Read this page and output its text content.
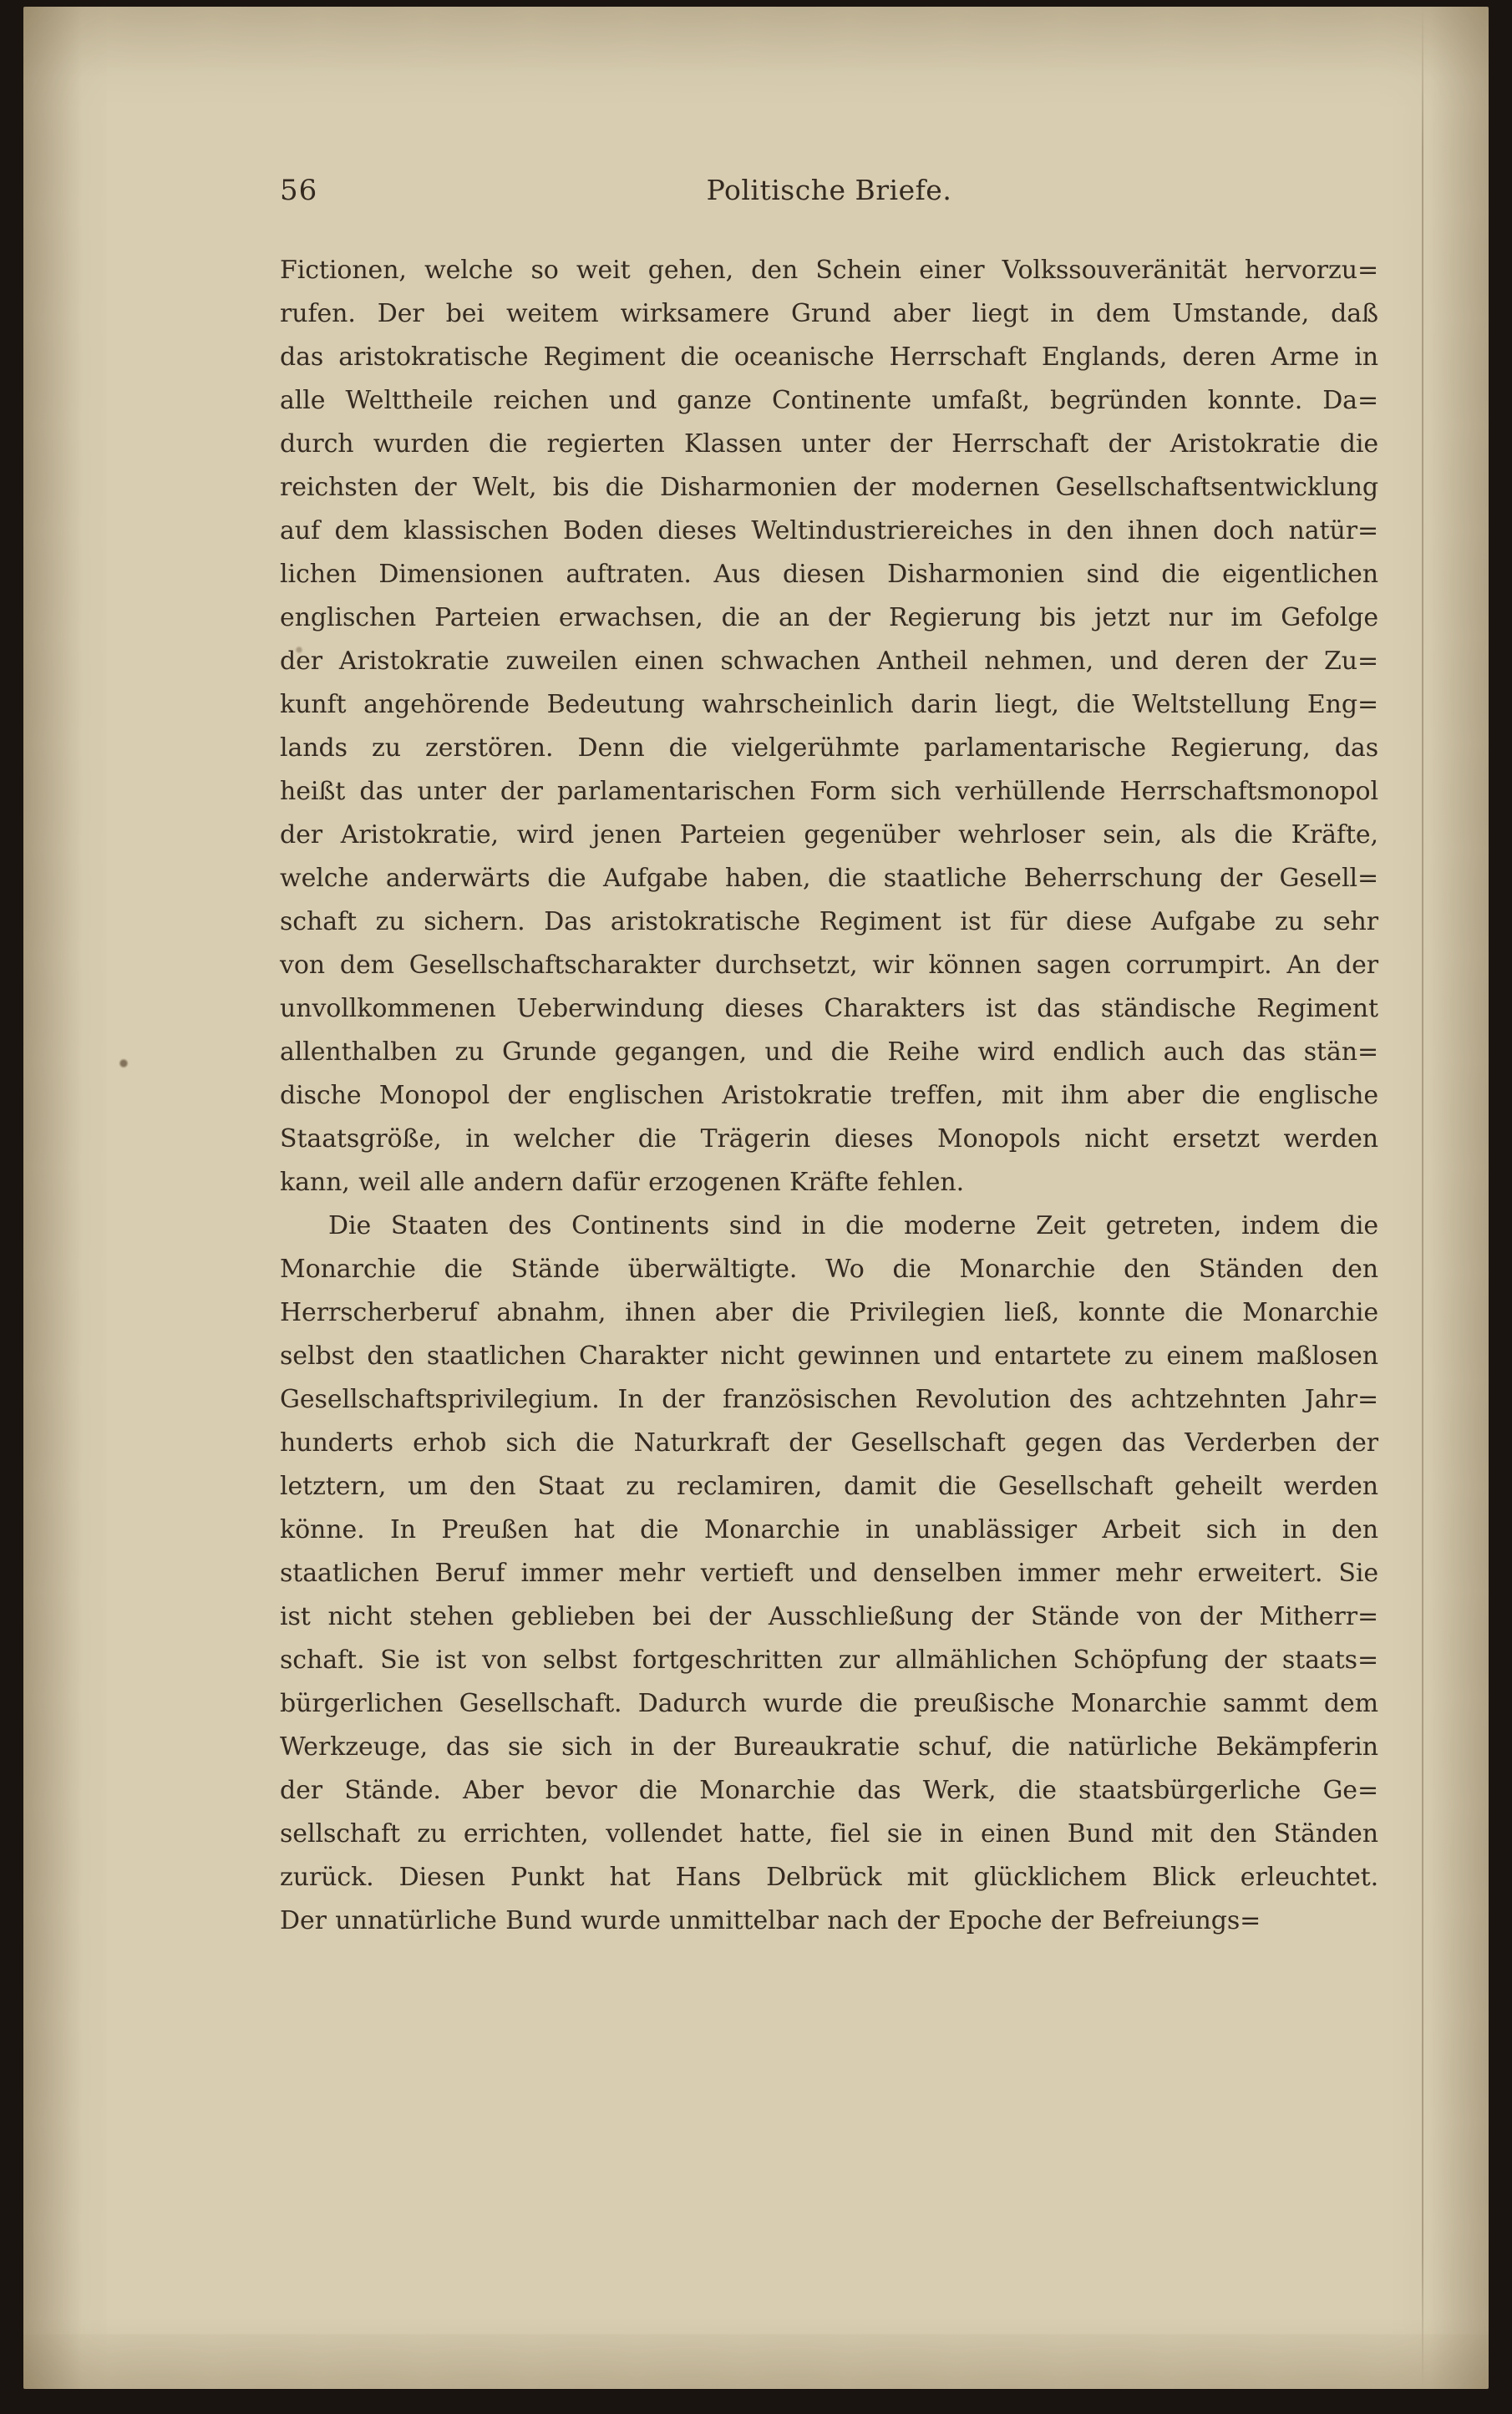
56	Politische Briefe.
Fictionen, welche so weit gehen, den Schein einer Volkssouveränität hervorzu=
rufen. Der bei weitem wirksamere Grund aber liegt in dem Umstande, daß
das aristokratische Regiment die oceanische Herrschaft Englands, deren Arme in
alle Welttheile reichen und ganze Continente umfaßt, begründen konnte. Da=
durch wurden die regierten Klassen unter der Herrschaft der Aristokratie die
reichsten der Welt, bis die Disharmonien der modernen Gesellschaftsentwicklung
auf dem klassischen Boden dieses Weltindustriereiches in den ihnen doch natür=
lichen Dimensionen auftraten. Aus diesen Disharmonien sind die eigentlichen
englischen Parteien erwachsen, die an der Regierung bis jetzt nur im Gefolge
der Aristokratie zuweilen einen schwachen Antheil nehmen, und deren der Zu=
kunft angehörende Bedeutung wahrscheinlich darin liegt, die Weltstellung Eng=
lands zu zerstören. Denn die vielgerühmte parlamentarische Regierung, das
heißt das unter der parlamentarischen Form sich verhüllende Herrschaftsmonopol
der Aristokratie, wird jenen Parteien gegenüber wehrloser sein, als die Kräfte,
welche anderwärts die Aufgabe haben, die staatliche Beherrschung der Gesell=
schaft zu sichern. Das aristokratische Regiment ist für diese Aufgabe zu sehr
von dem Gesellschaftscharakter durchsetzt, wir können sagen corrumpirt. An der
unvollkommenen Ueberwindung dieses Charakters ist das ständische Regiment
allenthalben zu Grunde gegangen, und die Reihe wird endlich auch das stän=
dische Monopol der englischen Aristokratie treffen, mit ihm aber die englische
Staatsgröße, in welcher die Trägerin dieses Monopols nicht ersetzt werden
kann, weil alle andern dafür erzogenen Kräfte fehlen.
Die Staaten des Continents sind in die moderne Zeit getreten, indem die
Monarchie die Stände überwältigte. Wo die Monarchie den Ständen den
Herrscherberuf abnahm, ihnen aber die Privilegien ließ, konnte die Monarchie
selbst den staatlichen Charakter nicht gewinnen und entartete zu einem maßlosen
Gesellschaftsprivilegium. In der französischen Revolution des achtzehnten Jahr=
hunderts erhob sich die Naturkraft der Gesellschaft gegen das Verderben der
letztern, um den Staat zu reclamiren, damit die Gesellschaft geheilt werden
könne. In Preußen hat die Monarchie in unablässiger Arbeit sich in den
staatlichen Beruf immer mehr vertieft und denselben immer mehr erweitert. Sie
ist nicht stehen geblieben bei der Ausschließung der Stände von der Mitherr=
schaft. Sie ist von selbst fortgeschritten zur allmählichen Schöpfung der staats=
bürgerlichen Gesellschaft. Dadurch wurde die preußische Monarchie sammt dem
Werkzeuge, das sie sich in der Bureaukratie schuf, die natürliche Bekämpferin
der Stände. Aber bevor die Monarchie das Werk, die staatsbürgerliche Ge=
sellschaft zu errichten, vollendet hatte, fiel sie in einen Bund mit den Ständen
zurück. Diesen Punkt hat Hans Delbrück mit glücklichem Blick erleuchtet.
Der unnatürliche Bund wurde unmittelbar nach der Epoche der Befreiungs=
